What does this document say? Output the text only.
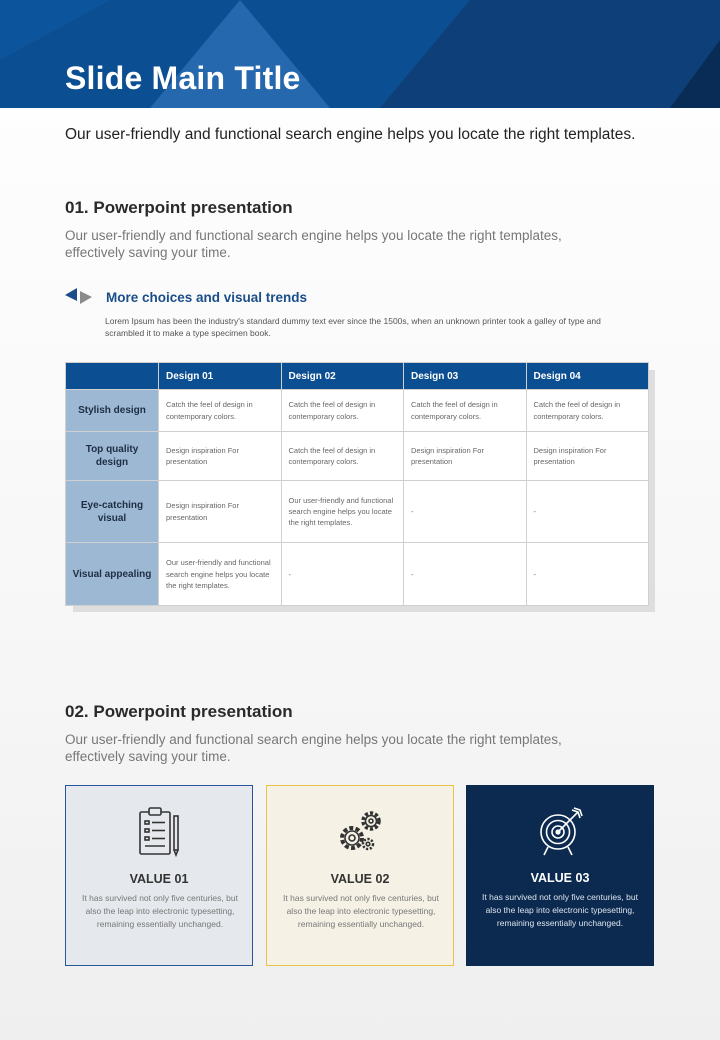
Slide Main Title

Our user-friendly and functional search engine helps you locate the right templates.

01. Powerpoint presentation

Our user-friendly and functional search engine helps you locate the right templates, effectively saving your time.

More choices and visual trends

Lorem Ipsum has been the industry's standard dummy text ever since the 1500s, when an unknown printer took a galley of type and scrambled it to make a type specimen book.

	Design 01	Design 02	Design 03	Design 04
Stylish design	Catch the feel of design in contemporary colors.	Catch the feel of design in contemporary colors.	Catch the feel of design in contemporary colors.	Catch the feel of design in contemporary colors.
Top quality design	Design inspiration For presentation	Catch the feel of design in contemporary colors.	Design inspiration For presentation	Design inspiration For presentation
Eye-catching visual	Design inspiration For presentation	Our user-friendly and functional search engine helps you locate the right templates.	-	-
Visual appealing	Our user-friendly and functional search engine helps you locate the right templates.	-	-	-
02. Powerpoint presentation

Our user-friendly and functional search engine helps you locate the right templates, effectively saving your time.

VALUE 01

It has survived not only five centuries, but also the leap into electronic typesetting, remaining essentially unchanged.

VALUE 02

It has survived not only five centuries, but also the leap into electronic typesetting, remaining essentially unchanged.

VALUE 03

It has survived not only five centuries, but also the leap into electronic typesetting, remaining essentially unchanged.
